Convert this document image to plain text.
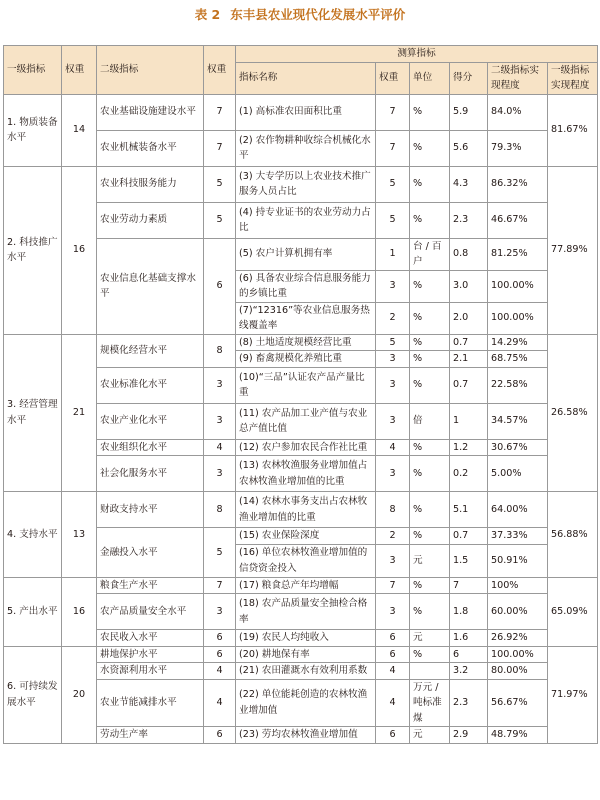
表 2 东丰县农业现代化发展水平评价
一级指标	权重	二级指标	权重	测算指标					
				指标名称	权重	单位	得分	二级指标实现程度	一级指标实现程度
1. 物质装备水平	14	农业基础设施建设水平	7	(1) 高标准农田面积比重	7	%	5.9	84.0%	81.67%
		农业机械装备水平	7	(2) 农作物耕种收综合机械化水平	7	%	5.6	79.3%	
2. 科技推广水平	16	农业科技服务能力	5	(3) 大专学历以上农业技术推广服务人员占比	5	%	4.3	86.32%	77.89%
		农业劳动力素质	5	(4) 持专业证书的农业劳动力占比	5	%	2.3	46.67%	
		农业信息化基础支撑水平	6	(5) 农户计算机拥有率	1	台 / 百户	0.8	81.25%	
				(6) 具备农业综合信息服务能力的乡镇比重	3	%	3.0	100.00%	
				(7)“12316”等农业信息服务热线覆盖率	2	%	2.0	100.00%	
3. 经营管理水平	21	规模化经营水平	8	(8) 土地适度规模经营比重	5	%	0.7	14.29%	26.58%
				(9) 畜禽规模化养殖比重	3	%	2.1	68.75%	
		农业标准化水平	3	(10)“三品”认证农产品产量比重	3	%	0.7	22.58%	
		农业产业化水平	3	(11) 农产品加工业产值与农业总产值比值	3	倍	1	34.57%	
		农业组织化水平	4	(12) 农户参加农民合作社比重	4	%	1.2	30.67%	
		社会化服务水平	3	(13) 农林牧渔服务业增加值占农林牧渔业增加值的比重	3	%	0.2	5.00%	
4. 支持水平	13	财政支持水平	8	(14) 农林水事务支出占农林牧渔业增加值的比重	8	%	5.1	64.00%	56.88%
		金融投入水平	5	(15) 农业保险深度	2	%	0.7	37.33%	
				(16) 单位农林牧渔业增加值的信贷资金投入	3	元	1.5	50.91%	
5. 产出水平	16	粮食生产水平	7	(17) 粮食总产年均增幅	7	%	7	100%	65.09%
		农产品质量安全水平	3	(18) 农产品质量安全抽检合格率	3	%	1.8	60.00%	
		农民收入水平	6	(19) 农民人均纯收入	6	元	1.6	26.92%	
6. 可持续发展水平	20	耕地保护水平	6	(20) 耕地保有率	6	%	6	100.00%	71.97%
		水资源利用水平	4	(21) 农田灌溉水有效利用系数	4		3.2	80.00%	
		农业节能减排水平	4	(22) 单位能耗创造的农林牧渔业增加值	4	万元 / 吨标准煤	2.3	56.67%	
		劳动生产率	6	(23) 劳均农林牧渔业增加值	6	元	2.9	48.79%	
